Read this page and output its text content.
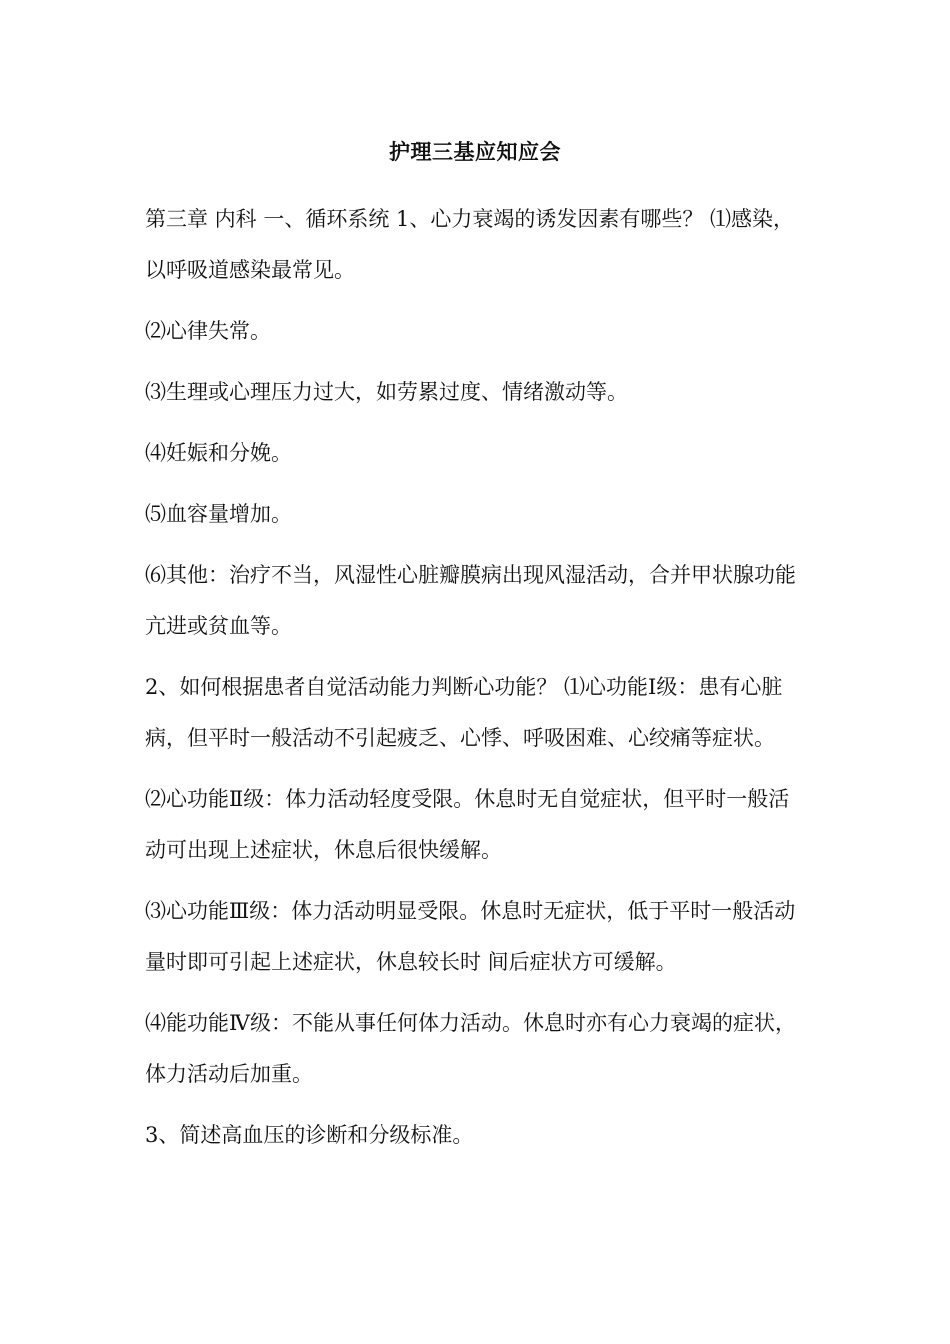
护理三基应知应会

第三章 内科 一、循环系统 1、心力衰竭的诱发因素有哪些？ ⑴感染，以呼吸道感染最常见。

⑵心律失常。

⑶生理或心理压力过大，如劳累过度、情绪激动等。

⑷妊娠和分娩。

⑸血容量增加。

⑹其他：治疗不当，风湿性心脏瓣膜病出现风湿活动，合并甲状腺功能亢进或贫血等。

2、如何根据患者自觉活动能力判断心功能？ ⑴心功能Ⅰ级：患有心脏病，但平时一般活动不引起疲乏、心悸、呼吸困难、心绞痛等症状。

⑵心功能Ⅱ级：体力活动轻度受限。休息时无自觉症状，但平时一般活动可出现上述症状，休息后很快缓解。

⑶心功能Ⅲ级：体力活动明显受限。休息时无症状，低于平时一般活动量时即可引起上述症状，休息较长时 间后症状方可缓解。

⑷能功能Ⅳ级：不能从事任何体力活动。休息时亦有心力衰竭的症状，体力活动后加重。

3、简述高血压的诊断和分级标准。
